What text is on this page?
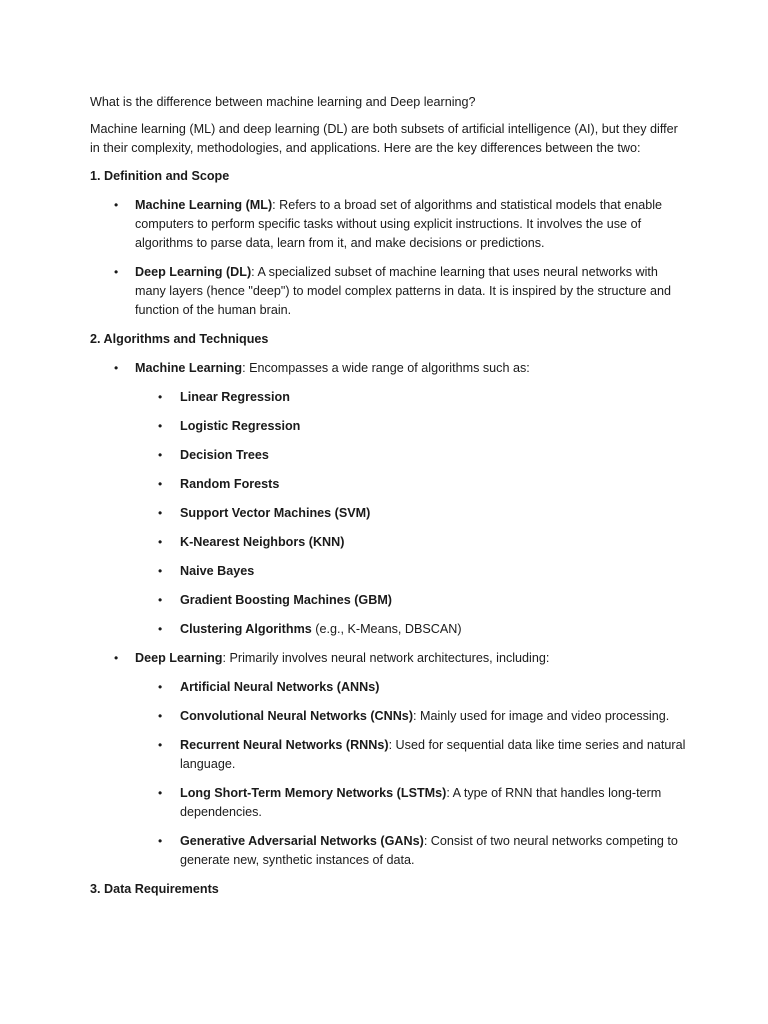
What is the difference between machine learning and Deep learning?

Machine learning (ML) and deep learning (DL) are both subsets of artificial intelligence (AI), but they differ in their complexity, methodologies, and applications. Here are the key differences between the two:

1. Definition and Scope

• Machine Learning (ML): Refers to a broad set of algorithms and statistical models that enable computers to perform specific tasks without using explicit instructions. It involves the use of algorithms to parse data, learn from it, and make decisions or predictions.
• Deep Learning (DL): A specialized subset of machine learning that uses neural networks with many layers (hence "deep") to model complex patterns in data. It is inspired by the structure and function of the human brain.

2. Algorithms and Techniques

• Machine Learning: Encompasses a wide range of algorithms such as:
• Linear Regression
• Logistic Regression
• Decision Trees
• Random Forests
• Support Vector Machines (SVM)
• K-Nearest Neighbors (KNN)
• Naive Bayes
• Gradient Boosting Machines (GBM)
• Clustering Algorithms (e.g., K-Means, DBSCAN)
• Deep Learning: Primarily involves neural network architectures, including:
• Artificial Neural Networks (ANNs)
• Convolutional Neural Networks (CNNs): Mainly used for image and video processing.
• Recurrent Neural Networks (RNNs): Used for sequential data like time series and natural language.
• Long Short-Term Memory Networks (LSTMs): A type of RNN that handles long-term dependencies.
• Generative Adversarial Networks (GANs): Consist of two neural networks competing to generate new, synthetic instances of data.

3. Data Requirements
